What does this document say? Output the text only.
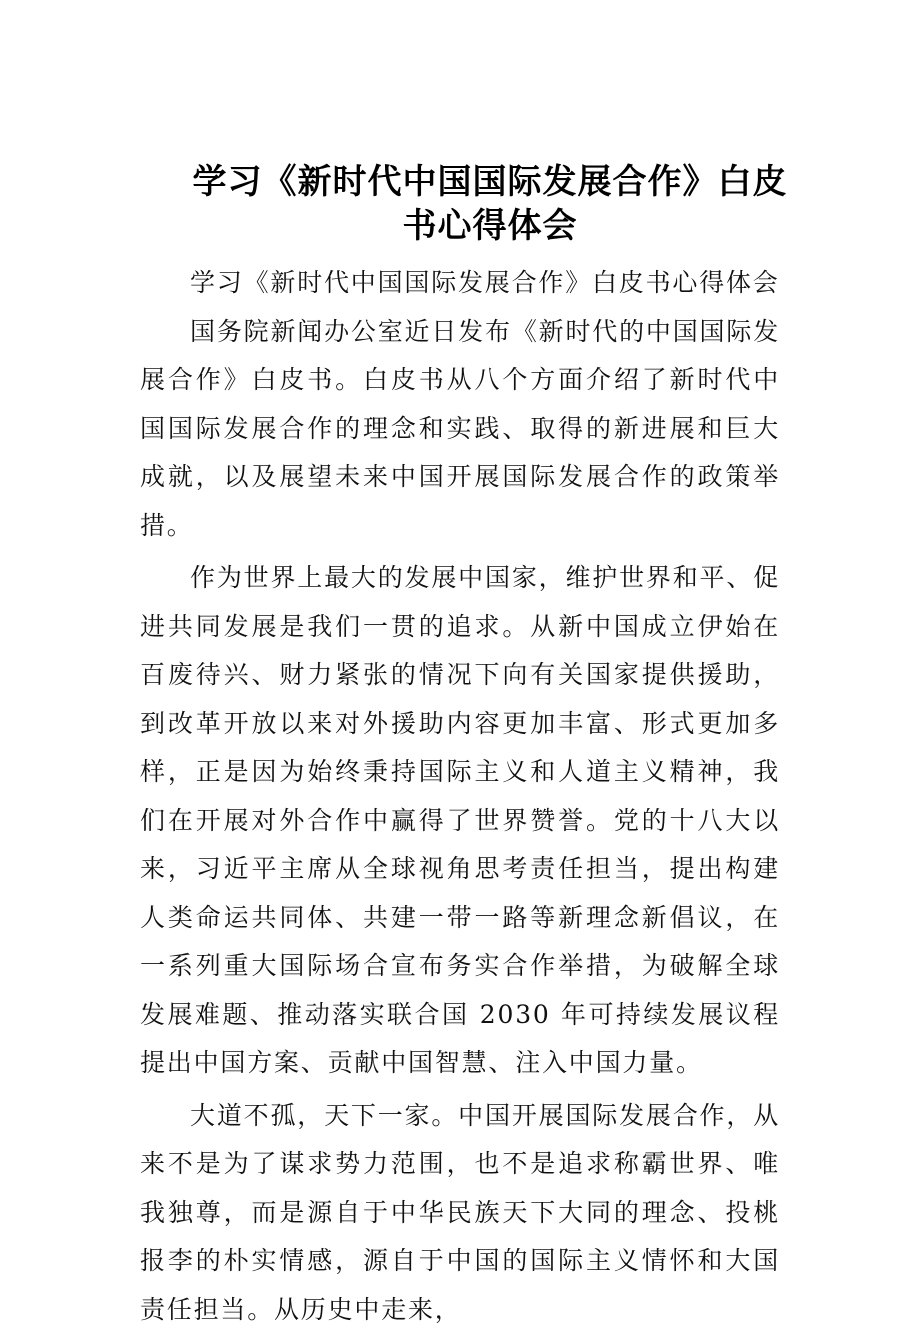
学习《新时代中国国际发展合作》白皮
书心得体会

学习《新时代中国国际发展合作》白皮书心得体会

国务院新闻办公室近日发布《新时代的中国国际发展合作》白皮书。白皮书从八个方面介绍了新时代中国国际发展合作的理念和实践、取得的新进展和巨大成就，以及展望未来中国开展国际发展合作的政策举措。

作为世界上最大的发展中国家，维护世界和平、促进共同发展是我们一贯的追求。从新中国成立伊始在百废待兴、财力紧张的情况下向有关国家提供援助，到改革开放以来对外援助内容更加丰富、形式更加多样，正是因为始终秉持国际主义和人道主义精神，我们在开展对外合作中赢得了世界赞誉。党的十八大以来，习近平主席从全球视角思考责任担当，提出构建人类命运共同体、共建一带一路等新理念新倡议，在一系列重大国际场合宣布务实合作举措，为破解全球发展难题、推动落实联合国 2030 年可持续发展议程提出中国方案、贡献中国智慧、注入中国力量。

大道不孤，天下一家。中国开展国际发展合作，从来不是为了谋求势力范围，也不是追求称霸世界、唯我独尊，而是源自于中华民族天下大同的理念、投桃报李的朴实情感，源自于中国的国际主义情怀和大国责任担当。从历史中走来，
